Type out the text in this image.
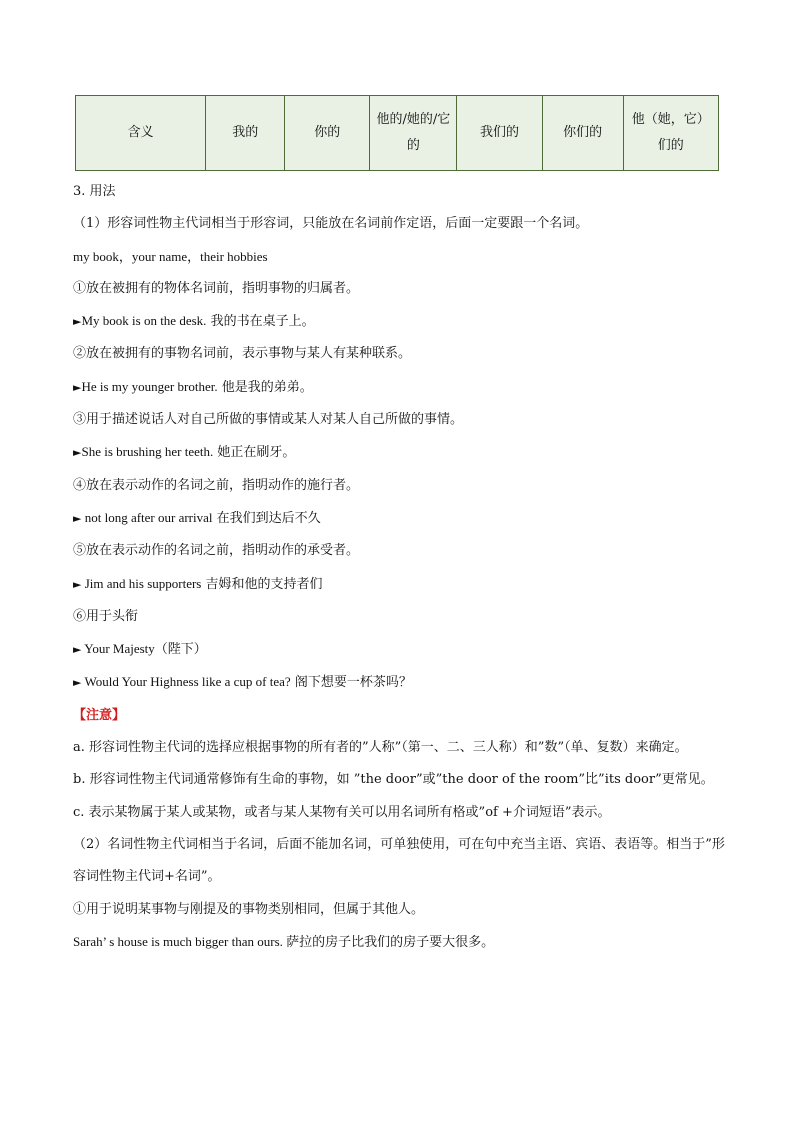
含义	我的	你的	他的/她的/它的	我们的	你们的	他（她，它）们的
3. 用法
（1）形容词性物主代词相当于形容词，只能放在名词前作定语，后面一定要跟一个名词。
my book，your name，their hobbies
①放在被拥有的物体名词前，指明事物的归属者。
►My book is on the desk. 我的书在桌子上。
②放在被拥有的事物名词前，表示事物与某人有某种联系。
►He is my younger brother. 他是我的弟弟。
③用于描述说话人对自己所做的事情或某人对某人自己所做的事情。
►She is brushing her teeth. 她正在刷牙。
④放在表示动作的名词之前，指明动作的施行者。
► not long after our arrival 在我们到达后不久
⑤放在表示动作的名词之前，指明动作的承受者。
► Jim and his supporters 吉姆和他的支持者们
⑥用于头衔
► Your Majesty（陛下）
► Would Your Highness like a cup of tea? 阁下想要一杯茶吗？
【注意】
a. 形容词性物主代词的选择应根据事物的所有者的”人称”（第一、二、三人称）和”数”（单、复数）来确定。
b. 形容词性物主代词通常修饰有生命的事物，如 ”the door”或”the door of the room”比”its door”更常见。
c. 表示某物属于某人或某物，或者与某人某物有关可以用名词所有格或”of +介词短语”表示。
（2）名词性物主代词相当于名词，后面不能加名词，可单独使用，可在句中充当主语、宾语、表语等。相当于”形容词性物主代词+名词”。
①用于说明某事物与刚提及的事物类别相同，但属于其他人。
Sarah’ s house is much bigger than ours. 萨拉的房子比我们的房子要大很多。
